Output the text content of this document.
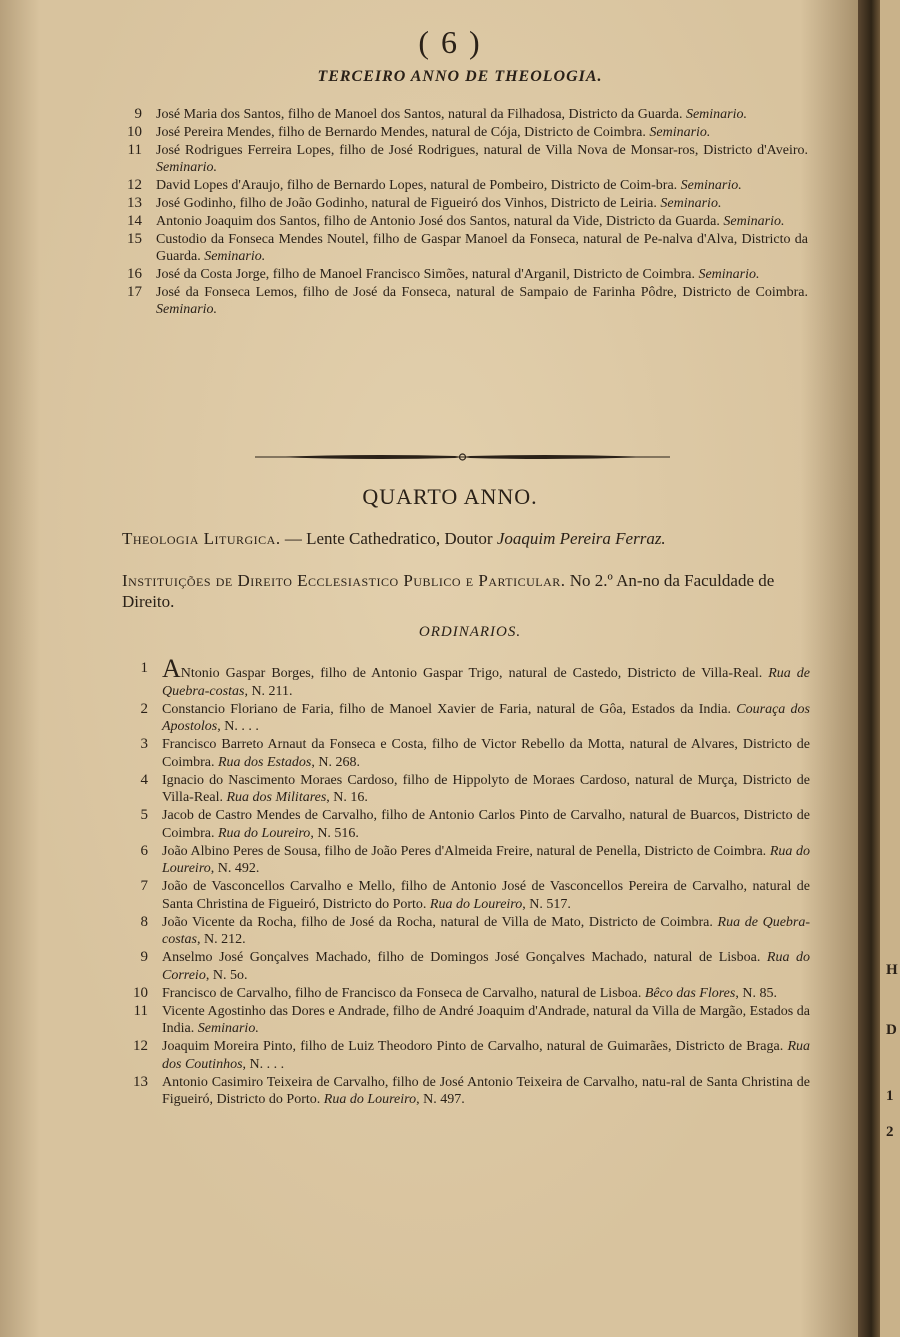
H
D
1
2
( 6 )
TERCEIRO ANNO DE THEOLOGIA.
9 José Maria dos Santos, filho de Manoel dos Santos, natural da Filhadosa, Districto da Guarda. Seminario.
10 José Pereira Mendes, filho de Bernardo Mendes, natural de Cója, Districto de Coimbra. Seminario.
11 José Rodrigues Ferreira Lopes, filho de José Rodrigues, natural de Villa Nova de Monsar-ros, Districto d'Aveiro. Seminario.
12 David Lopes d'Araujo, filho de Bernardo Lopes, natural de Pombeiro, Districto de Coim-bra. Seminario.
13 José Godinho, filho de João Godinho, natural de Figueiró dos Vinhos, Districto de Leiria. Seminario.
14 Antonio Joaquim dos Santos, filho de Antonio José dos Santos, natural da Vide, Districto da Guarda. Seminario.
15 Custodio da Fonseca Mendes Noutel, filho de Gaspar Manoel da Fonseca, natural de Pe-nalva d'Alva, Districto da Guarda. Seminario.
16 José da Costa Jorge, filho de Manoel Francisco Simões, natural d'Arganil, Districto de Coimbra. Seminario.
17 José da Fonseca Lemos, filho de José da Fonseca, natural de Sampaio de Farinha Pôdre, Districto de Coimbra. Seminario.
QUARTO ANNO.
Theologia Liturgica. — Lente Cathedratico, Doutor Joaquim Pereira Ferraz.
Instituições de Direito Ecclesiastico Publico e Particular. No 2.º An-no da Faculdade de Direito.
ORDINARIOS.
1 ANtonio Gaspar Borges, filho de Antonio Gaspar Trigo, natural de Castedo, Districto de Villa-Real. Rua de Quebra-costas, N. 211.
2 Constancio Floriano de Faria, filho de Manoel Xavier de Faria, natural de Gôa, Estados da India. Couraça dos Apostolos, N. . . .
3 Francisco Barreto Arnaut da Fonseca e Costa, filho de Victor Rebello da Motta, natural de Alvares, Districto de Coimbra. Rua dos Estados, N. 268.
4 Ignacio do Nascimento Moraes Cardoso, filho de Hippolyto de Moraes Cardoso, natural de Murça, Districto de Villa-Real. Rua dos Militares, N. 16.
5 Jacob de Castro Mendes de Carvalho, filho de Antonio Carlos Pinto de Carvalho, natural de Buarcos, Districto de Coimbra. Rua do Loureiro, N. 516.
6 João Albino Peres de Sousa, filho de João Peres d'Almeida Freire, natural de Penella, Districto de Coimbra. Rua do Loureiro, N. 492.
7 João de Vasconcellos Carvalho e Mello, filho de Antonio José de Vasconcellos Pereira de Carvalho, natural de Santa Christina de Figueiró, Districto do Porto. Rua do Loureiro, N. 517.
8 João Vicente da Rocha, filho de José da Rocha, natural de Villa de Mato, Districto de Coimbra. Rua de Quebra-costas, N. 212.
9 Anselmo José Gonçalves Machado, filho de Domingos José Gonçalves Machado, natural de Lisboa. Rua do Correio, N. 5o.
10 Francisco de Carvalho, filho de Francisco da Fonseca de Carvalho, natural de Lisboa. Bêco das Flores, N. 85.
11 Vicente Agostinho das Dores e Andrade, filho de André Joaquim d'Andrade, natural da Villa de Margão, Estados da India. Seminario.
12 Joaquim Moreira Pinto, filho de Luiz Theodoro Pinto de Carvalho, natural de Guimarães, Districto de Braga. Rua dos Coutinhos, N. . . .
13 Antonio Casimiro Teixeira de Carvalho, filho de José Antonio Teixeira de Carvalho, natu-ral de Santa Christina de Figueiró, Districto do Porto. Rua do Loureiro, N. 497.
